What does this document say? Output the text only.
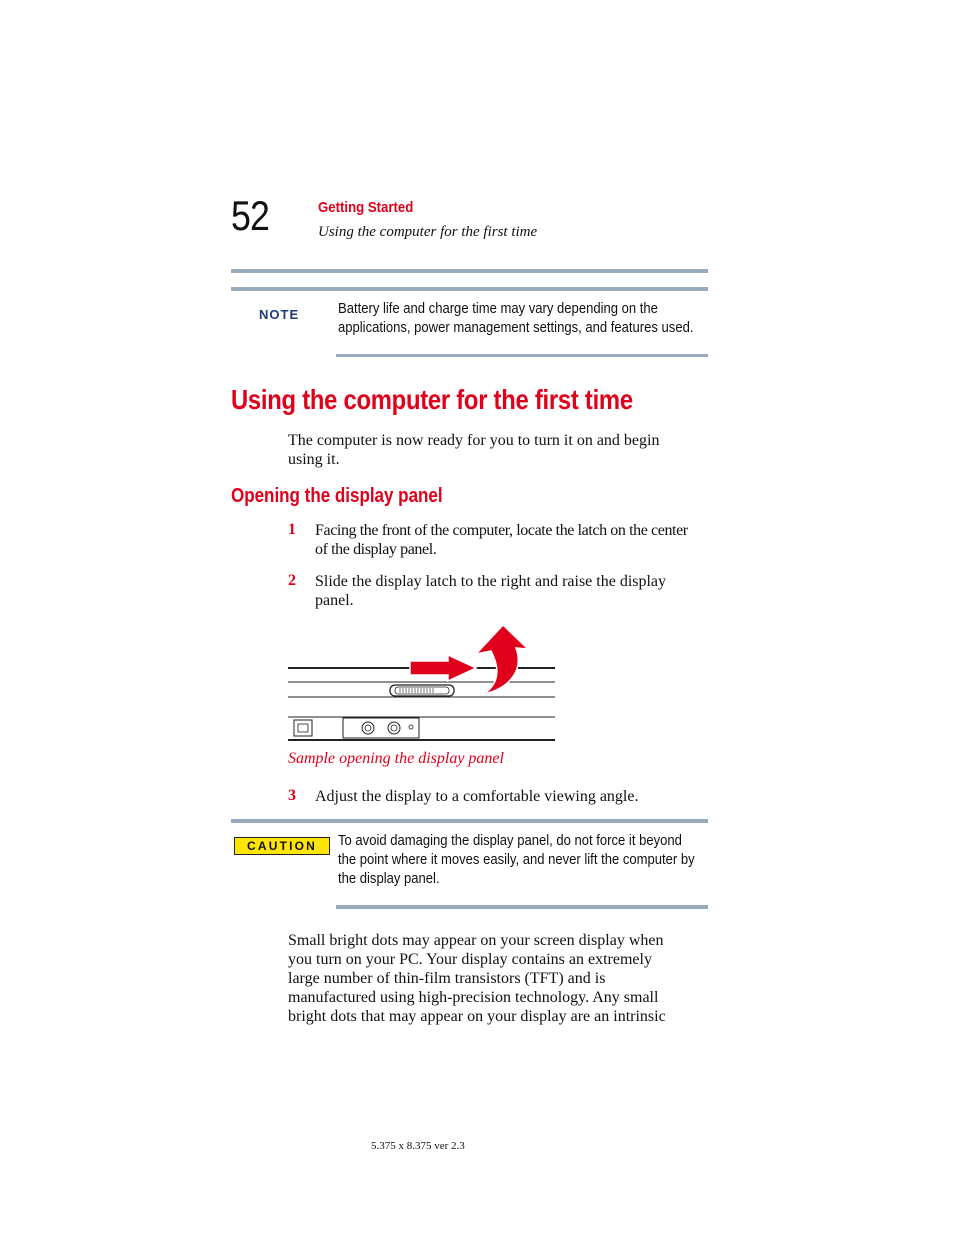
52	Getting Started
Using the computer for the first time
NOTE	Battery life and charge time may vary depending on the
applications, power management settings, and features used.
Using the computer for the first time
The computer is now ready for you to turn it on and begin
using it.
Opening the display panel
1 Facing the front of the computer, locate the latch on the center
of the display panel.
2 Slide the display latch to the right and raise the display
panel.
Sample opening the display panel
3 Adjust the display to a comfortable viewing angle.
CAUTION	To avoid damaging the display panel, do not force it beyond
the point where it moves easily, and never lift the computer by
the display panel.
Small bright dots may appear on your screen display when
you turn on your PC. Your display contains an extremely
large number of thin-film transistors (TFT) and is
manufactured using high-precision technology. Any small
bright dots that may appear on your display are an intrinsic
5.375 x 8.375 ver 2.3
